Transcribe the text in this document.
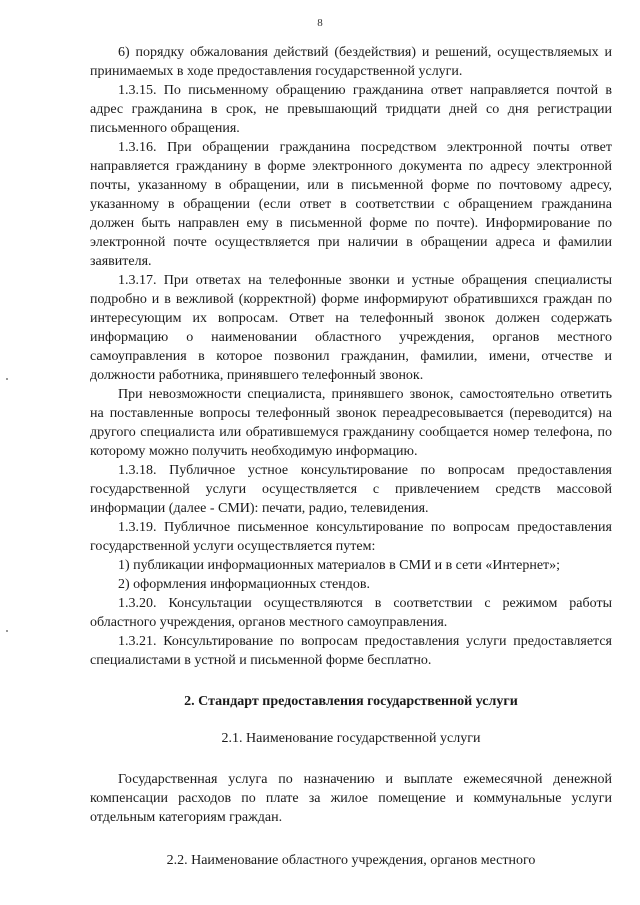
8

6) порядку обжалования действий (бездействия) и решений, осуществляемых и принимаемых в ходе предоставления государственной услуги.

1.3.15. По письменному обращению гражданина ответ направляется почтой в адрес гражданина в срок, не превышающий тридцати дней со дня регистрации письменного обращения.

1.3.16. При обращении гражданина посредством электронной почты ответ направляется гражданину в форме электронного документа по адресу электронной почты, указанному в обращении, или в письменной форме по почтовому адресу, указанному в обращении (если ответ в соответствии с обращением гражданина должен быть направлен ему в письменной форме по почте). Информирование по электронной почте осуществляется при наличии в обращении адреса и фамилии заявителя.

1.3.17. При ответах на телефонные звонки и устные обращения специалисты подробно и в вежливой (корректной) форме информируют обратившихся граждан по интересующим их вопросам. Ответ на телефонный звонок должен содержать информацию о наименовании областного учреждения, органов местного самоуправления в которое позвонил гражданин, фамилии, имени, отчестве и должности работника, принявшего телефонный звонок.

При невозможности специалиста, принявшего звонок, самостоятельно ответить на поставленные вопросы телефонный звонок переадресовывается (переводится) на другого специалиста или обратившемуся гражданину сообщается номер телефона, по которому можно получить необходимую информацию.

1.3.18. Публичное устное консультирование по вопросам предоставления государственной услуги осуществляется с привлечением средств массовой информации (далее - СМИ): печати, радио, телевидения.

1.3.19. Публичное письменное консультирование по вопросам предоставления государственной услуги осуществляется путем:

1) публикации информационных материалов в СМИ и в сети «Интернет»;

2) оформления информационных стендов.

1.3.20. Консультации осуществляются в соответствии с режимом работы областного учреждения, органов местного самоуправления.

1.3.21. Консультирование по вопросам предоставления услуги предоставляется специалистами в устной и письменной форме бесплатно.

2. Стандарт предоставления государственной услуги

2.1. Наименование государственной услуги

Государственная услуга по назначению и выплате ежемесячной денежной компенсации расходов по плате за жилое помещение и коммунальные услуги отдельным категориям граждан.

2.2. Наименование областного учреждения, органов местного
